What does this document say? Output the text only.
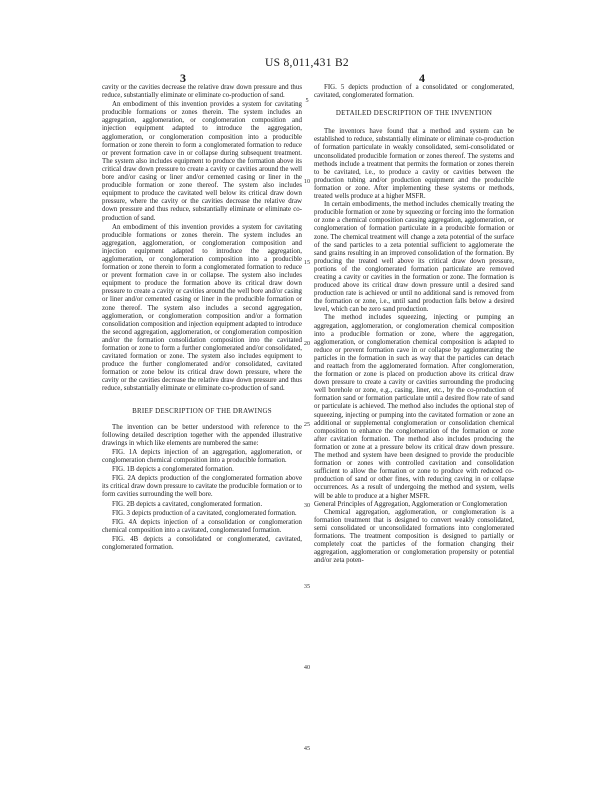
US 8,011,431 B2
3	4
5
10
15
20
25
30
35
40
45

cavity or the cavities decrease the relative draw down pressure and thus reduce, substantially eliminate or eliminate co-production of sand.

An embodiment of this invention provides a system for cavitating producible formations or zones therein. The system includes an aggregation, agglomeration, or conglomeration composition and injection equipment adapted to introduce the aggregation, agglomeration, or conglomeration composition into a producible formation or zone therein to form a conglomerated formation to reduce or prevent formation cave in or collapse during subsequent treatment. The system also includes equipment to produce the formation above its critical draw down pressure to create a cavity or cavities around the well bore and/or casing or liner and/or cemented casing or liner in the producible formation or zone thereof. The system also includes equipment to produce the cavitated well below its critical draw down pressure, where the cavity or the cavities decrease the relative draw down pressure and thus reduce, substantially eliminate or eliminate co-production of sand.

An embodiment of this invention provides a system for cavitating producible formations or zones therein. The system includes an aggregation, agglomeration, or conglomeration composition and injection equipment adapted to introduce the aggregation, agglomeration, or conglomeration composition into a producible formation or zone therein to form a conglomerated formation to reduce or prevent formation cave in or collapse. The system also includes equipment to produce the formation above its critical draw down pressure to create a cavity or cavities around the well bore and/or casing or liner and/or cemented casing or liner in the producible formation or zone thereof. The system also includes a second aggregation, agglomeration, or conglomeration composition and/or a formation consolidation composition and injection equipment adapted to introduce the second aggregation, agglomeration, or conglomeration composition and/or the formation consolidation composition into the cavitated formation or zone to form a further conglomerated and/or consolidated, cavitated formation or zone. The system also includes equipment to produce the further conglomerated and/or consolidated, cavitated formation or zone below its critical draw down pressure, where the cavity or the cavities decrease the relative draw down pressure and thus reduce, substantially eliminate or eliminate co-production of sand.

BRIEF DESCRIPTION OF THE DRAWINGS

The invention can be better understood with reference to the following detailed description together with the appended illustrative drawings in which like elements are numbered the same:

FIG. 1A depicts injection of an aggregation, agglomeration, or conglomeration chemical composition into a producible formation.

FIG. 1B depicts a conglomerated formation.

FIG. 2A depicts production of the conglomerated formation above its critical draw down pressure to cavitate the producible formation or to form cavities surrounding the well bore.

FIG. 2B depicts a cavitated, conglomerated formation.

FIG. 3 depicts production of a cavitated, conglomerated formation.

FIG. 4A depicts injection of a consolidation or conglomeration chemical composition into a cavitated, conglomerated formation.

FIG. 4B depicts a consolidated or conglomerated, cavitated, conglomerated formation.

FIG. 5 depicts production of a consolidated or conglomerated, cavitated, conglomerated formation.

DETAILED DESCRIPTION OF THE INVENTION

The inventors have found that a method and system can be established to reduce, substantially eliminate or eliminate co-production of formation particulate in weakly consolidated, semi-consolidated or unconsolidated producible formation or zones thereof. The systems and methods include a treatment that permits the formation or zones therein to be cavitated, i.e., to produce a cavity or cavities between the production tubing and/or production equipment and the producible formation or zone. After implementing these systems or methods, treated wells produce at a higher MSFR.

In certain embodiments, the method includes chemically treating the producible formation or zone by squeezing or forcing into the formation or zone a chemical composition causing aggregation, agglomeration, or conglomeration of formation particulate in a producible formation or zone. The chemical treatment will change a zeta potential of the surface of the sand particles to a zeta potential sufficient to agglomerate the sand grains resulting in an improved consolidation of the formation. By producing the treated well above its critical draw down pressure, portions of the conglomerated formation particulate are removed creating a cavity or cavities in the formation or zone. The formation is produced above its critical draw down pressure until a desired sand production rate is achieved or until no additional sand is removed from the formation or zone, i.e., until sand production falls below a desired level, which can be zero sand production.

The method includes squeezing, injecting or pumping an aggregation, agglomeration, or conglomeration chemical composition into a producible formation or zone, where the aggregation, agglomeration, or conglomeration chemical composition is adapted to reduce or prevent formation cave in or collapse by agglomerating the particles in the formation in such as way that the particles can detach and reattach from the agglomerated formation. After conglomeration, the formation or zone is placed on production above its critical draw down pressure to create a cavity or cavities surrounding the producing well borehole or zone, e.g., casing, liner, etc., by the co-production of formation sand or formation particulate until a desired flow rate of sand or particulate is achieved. The method also includes the optional step of squeezing, injecting or pumping into the cavitated formation or zone an additional or supplemental conglomeration or consolidation chemical composition to enhance the conglomeration of the formation or zone after cavitation formation. The method also includes producing the formation or zone at a pressure below its critical draw down pressure. The method and system have been designed to provide the producible formation or zones with controlled cavitation and consolidation sufficient to allow the formation or zone to produce with reduced co-production of sand or other fines, with reducing caving in or collapse occurrences. As a result of undergoing the method and system, wells will be able to produce at a higher MSFR.

General Principles of Aggregation, Agglomeration or Conglomeration

Chemical aggregation, agglomeration, or conglomeration is a formation treatment that is designed to convert weakly consolidated, semi consolidated or unconsolidated formations into conglomerated formations. The treatment composition is designed to partially or completely coat the particles of the formation changing their aggregation, agglomeration or conglomeration propensity or potential and/or zeta poten-
